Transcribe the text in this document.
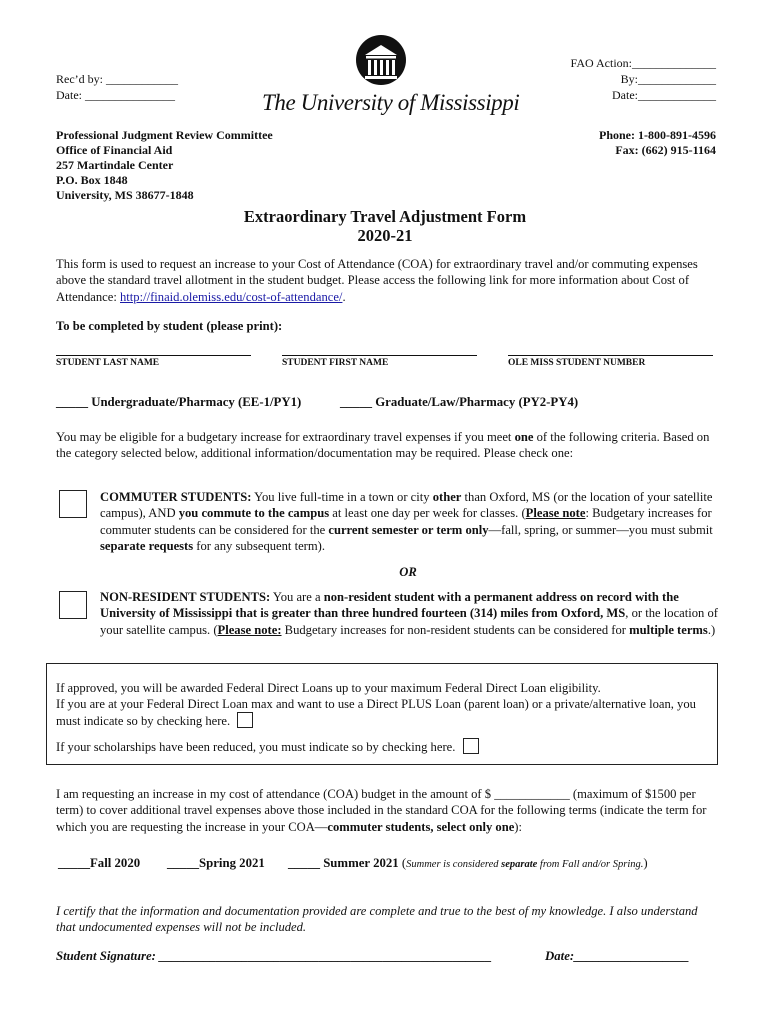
Rec’d by: ____________
Date: _______________	The University of Mississippi
FAO Action:______________
By:_____________
Date:_____________
Professional Judgment Review Committee
Office of Financial Aid
257 Martindale Center
P.O. Box 1848
University, MS 38677-1848
Phone: 1-800-891-4596
Fax: (662) 915-1164
Extraordinary Travel Adjustment Form
2020-21
This form is used to request an increase to your Cost of Attendance (COA) for extraordinary travel and/or commuting expenses above the standard travel allotment in the student budget. Please access the following link for more information about Cost of Attendance: http://finaid.olemiss.edu/cost-of-attendance/.
To be completed by student (please print):
STUDENT LAST NAME	STUDENT FIRST NAME	OLE MISS STUDENT NUMBER
_____ Undergraduate/Pharmacy (EE-1/PY1)	_____ Graduate/Law/Pharmacy (PY2-PY4)
You may be eligible for a budgetary increase for extraordinary travel expenses if you meet one of the following criteria. Based on the category selected below, additional information/documentation may be required. Please check one:
COMMUTER STUDENTS: You live full-time in a town or city other than Oxford, MS (or the location of your satellite campus), AND you commute to the campus at least one day per week for classes. (Please note: Budgetary increases for commuter students can be considered for the current semester or term only—fall, spring, or summer—you must submit separate requests for any subsequent term).
OR
NON-RESIDENT STUDENTS: You are a non-resident student with a permanent address on record with the University of Mississippi that is greater than three hundred fourteen (314) miles from Oxford, MS, or the location of your satellite campus. (Please note: Budgetary increases for non-resident students can be considered for multiple terms.)
If approved, you will be awarded Federal Direct Loans up to your maximum Federal Direct Loan eligibility.
If you are at your Federal Direct Loan max and want to use a Direct PLUS Loan (parent loan) or a private/alternative loan, you must indicate so by checking here.
If your scholarships have been reduced, you must indicate so by checking here.
I am requesting an increase in my cost of attendance (COA) budget in the amount of $ ____________ (maximum of $1500 per term) to cover additional travel expenses above those included in the standard COA for the following terms (indicate the term for which you are requesting the increase in your COA—commuter students, select only one):
_____Fall 2020 _____Spring 2021 _____ Summer 2021 (Summer is considered separate from Fall and/or Spring.)
I certify that the information and documentation provided are complete and true to the best of my knowledge. I also understand that undocumented expenses will not be included.
Student Signature: ____________________________________________________	Date:__________________
